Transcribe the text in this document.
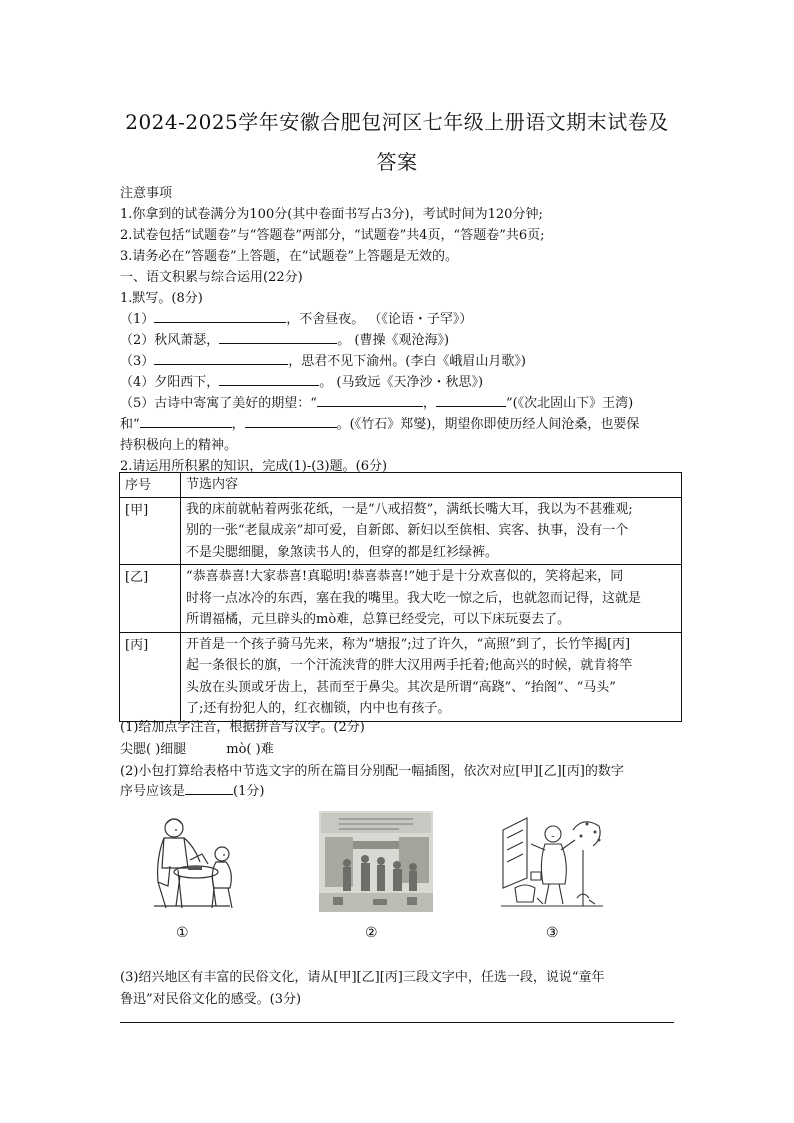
2024-2025学年安徽合肥包河区七年级上册语文期末试卷及
答案
注意事项
1.你拿到的试卷满分为100分(其中卷面书写占3分)，考试时间为120分钟;
2.试卷包括“试题卷”与“答题卷”两部分，“试题卷”共4页，“答题卷”共6页;
3.请务必在“答题卷”上答题，在“试题卷”上答题是无效的。
一、语文积累与综合运用(22分)
1.默写。(8分)
（1）	，不舍昼夜。 （《论语・子罕》）
（2）秋风萧瑟，	。 (曹操《观沧海》)
（3）	，思君不见下渝州。(李白《峨眉山月歌》)
（4）夕阳西下，	。 (马致远《天净沙・秋思》)
（5）古诗中寄寓了美好的期望：“	，	”(《次北固山下》王湾)
和“	，	。(《竹石》郑燮)，期望你即使历经人间沧桑，也要保
持积极向上的精神。
2.请运用所积累的知识，完成(1)-(3)题。(6分)
序号	节选内容
[甲]	我的床前就帖着两张花纸，一是“八戒招赘”，满纸长嘴大耳，我以为不甚雅观;
别的一张“老鼠成亲”却可爱，自新郎、新妇以至傧相、宾客、执事，没有一个
不是尖腮细腿，象煞读书人的，但穿的都是红衫绿裤。

[乙]	“恭喜恭喜!大家恭喜!真聪明!恭喜恭喜!”她于是十分欢喜似的，笑将起来，同
时将一点冰冷的东西，塞在我的嘴里。我大吃一惊之后，也就忽而记得，这就是
所谓福橘，元旦辟头的mò难，总算已经受完，可以下床玩耍去了。

[丙]	开首是一个孩子骑马先来，称为“塘报”;过了许久，“高照”到了，长竹竿揭[丙]
起一条很长的旗，一个汗流浃背的胖大汉用两手托着;他高兴的时候，就肯将竿
头放在头顶或牙齿上，甚而至于鼻尖。其次是所谓“高跷”、“抬阁”、“马头”
了;还有扮犯人的，红衣枷锁，内中也有孩子。
(1)给加点字注音，根据拼音写汉字。(2分)
尖腮( )细腿	mò( )难
(2)小包打算给表格中节选文字的所在篇目分别配一幅插图，依次对应[甲][乙][丙]的数字
序号应该是	(1分)
①	②	③
(3)绍兴地区有丰富的民俗文化，请从[甲][乙][丙]三段文字中，任选一段，说说“童年
鲁迅”对民俗文化的感受。(3分)
